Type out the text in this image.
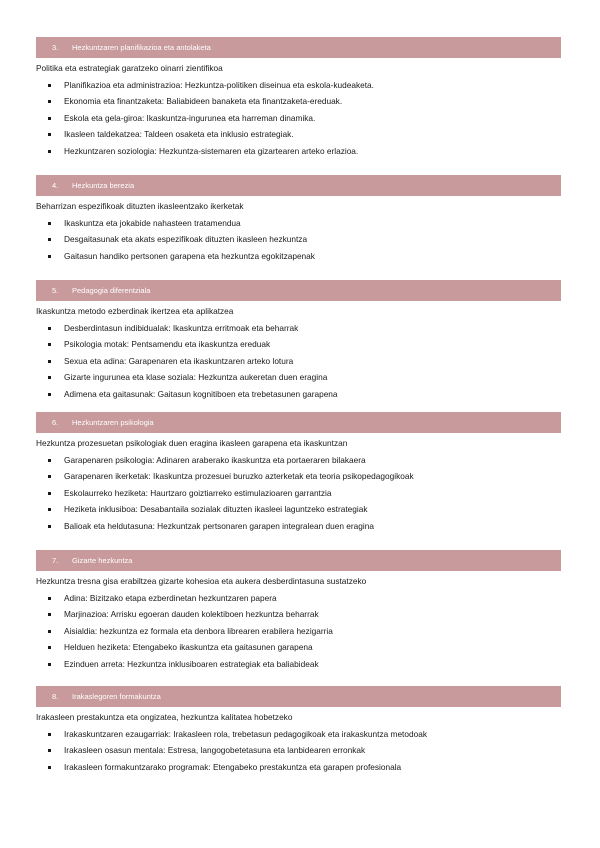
3.	Hezkuntzaren planifikazioa eta antolaketa
Politika eta estrategiak garatzeko oinarri zientifikoa
Planifikazioa eta administrazioa: Hezkuntza-politiken diseinua eta eskola-kudeaketa.
Ekonomia eta finantzaketa: Baliabideen banaketa eta finantzaketa-ereduak.
Eskola eta gela-giroa: Ikaskuntza-ingurunea eta harreman dinamika.
Ikasleen taldekatzea: Taldeen osaketa eta inklusio estrategiak.
Hezkuntzaren soziologia: Hezkuntza-sistemaren eta gizartearen arteko erlazioa.
4.	Hezkuntza berezia
Beharrizan espezifikoak dituzten ikasleentzako ikerketak
Ikaskuntza eta jokabide nahasteen tratamendua
Desgaitasunak eta akats espezifikoak dituzten ikasleen hezkuntza
Gaitasun handiko pertsonen garapena eta hezkuntza egokitzapenak
5.	Pedagogia diferentziala
Ikaskuntza metodo ezberdinak ikertzea eta aplikatzea
Desberdintasun indibidualak: Ikaskuntza erritmoak eta beharrak
Psikologia motak: Pentsamendu eta ikaskuntza ereduak
Sexua eta adina: Garapenaren eta ikaskuntzaren arteko lotura
Gizarte ingurunea eta klase soziala: Hezkuntza aukeretan duen eragina
Adimena eta gaitasunak: Gaitasun kognitiboen eta trebetasunen garapena
6.	Hezkuntzaren psikologia
Hezkuntza prozesuetan psikologiak duen eragina ikasleen garapena eta ikaskuntzan
Garapenaren psikologia: Adinaren araberako ikaskuntza eta portaeraren bilakaera
Garapenaren ikerketak: Ikaskuntza prozesuei buruzko azterketak eta teoria psikopedagogikoak
Eskolaurreko heziketa: Haurtzaro goiztiarreko estimulazioaren garrantzia
Heziketa inklusiboa: Desabantaila sozialak dituzten ikasleei laguntzeko estrategiak
Balioak eta heldutasuna: Hezkuntzak pertsonaren garapen integralean duen eragina
7.	Gizarte hezkuntza
Hezkuntza tresna gisa erabiltzea gizarte kohesioa eta aukera desberdintasuna sustatzeko
Adina: Bizitzako etapa ezberdinetan hezkuntzaren papera
Marjinazioa: Arrisku egoeran dauden kolektiboen hezkuntza beharrak
Aisialdia: hezkuntza ez formala eta denbora librearen erabilera hezigarria
Helduen heziketa: Etengabeko ikaskuntza eta gaitasunen garapena
Ezinduen arreta: Hezkuntza inklusiboaren estrategiak eta baliabideak
8.	Irakaslegoren formakuntza
Irakasleen prestakuntza eta ongizatea, hezkuntza kalitatea hobetzeko
Irakaskuntzaren ezaugarriak: Irakasleen rola, trebetasun pedagogikoak eta irakaskuntza metodoak
Irakasleen osasun mentala: Estresa, langogobetetasuna eta lanbidearen erronkak
Irakasleen formakuntzarako programak: Etengabeko prestakuntza eta garapen profesionala
